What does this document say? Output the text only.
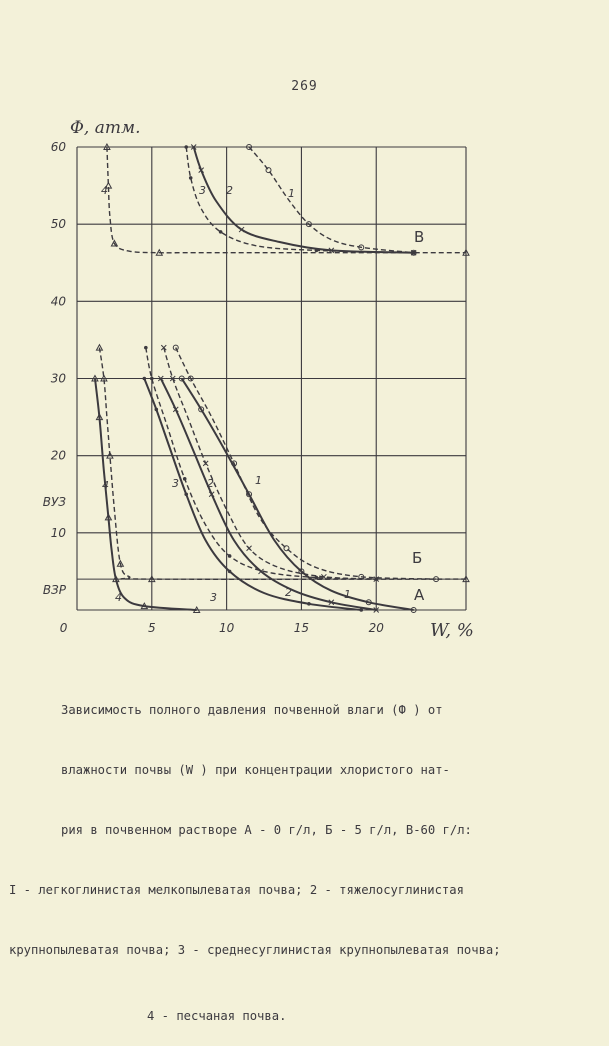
269
60
50
40
30
20
ВУЗ
10
ВЗР
0	5	10	15	20
Φ, атм.
W, %
1
2
3
4
1
2
3
4
1
2
3
4
В
Б
А

Зависимость полного давления почвенной влаги (Ф ) от

влажности почвы (W ) при концентрации хлористого нат-

рия в почвенном растворе А - 0 г/л, Б - 5 г/л, В-60 г/л:

I - легкоглинистая мелкопылеватая почва; 2 - тяжелосуглинистая

крупнопылеватая почва; 3 - среднесуглинистая крупнопылеватая почва;

4 - песчаная почва.
